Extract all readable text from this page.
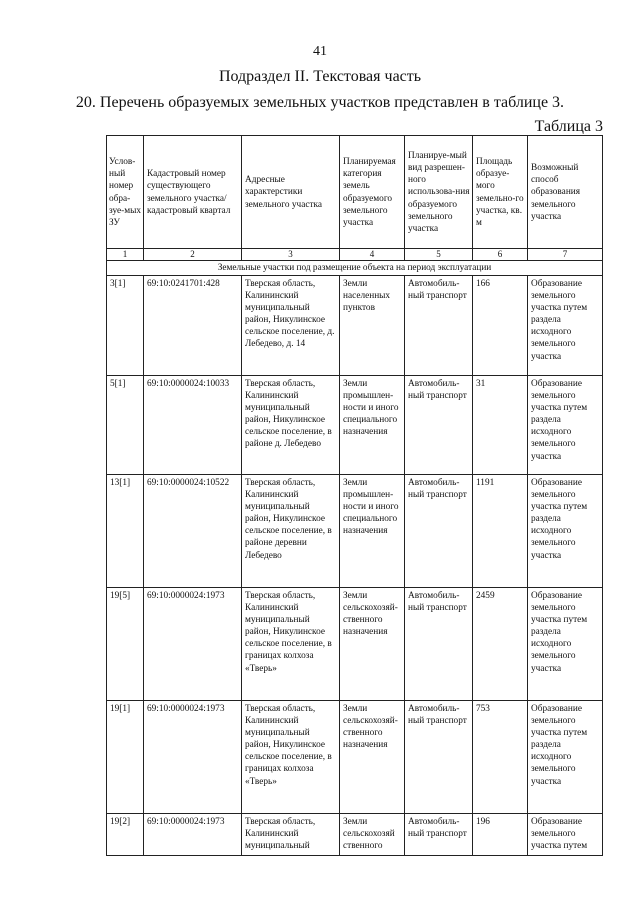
41
Подраздел II. Текстовая часть
20. Перечень образуемых земельных участков представлен в таблице 3.
Таблица 3
Услов-ный номер обра-зуе-мых ЗУ	Кадастровый номер существующего земельного участка/кадастровый квартал	Адресные характерстики земельного участка	Планируемая категория земель образуемого земельного участка	Планируе-мый вид разрешен-ного использова-ния образуемого земельного участка	Площадь образуе-мого земельно-го участка, кв. м	Возможный способ образования земельного участка
1	2	3	4	5	6	7
Земельные участки под размещение объекта на период эксплуатации						
3[1]	69:10:0241701:428	Тверская область, Калининский муниципальный район, Никулинское сельское поселение, д. Лебедево, д. 14	Земли населенных пунктов	Автомобиль-ный транспорт	166	Образование земельного участка путем раздела исходного земельного участка
5[1]	69:10:0000024:10033	Тверская область, Калининский муниципальный район, Никулинское сельское поселение, в районе д. Лебедево	Земли промышлен-ности и иного специального назначения	Автомобиль-ный транспорт	31	Образование земельного участка путем раздела исходного земельного участка
13[1]	69:10:0000024:10522	Тверская область, Калининский муниципальный район, Никулинское сельское поселение, в районе деревни Лебедево	Земли промышлен-ности и иного специального назначения	Автомобиль-ный транспорт	1191	Образование земельного участка путем раздела исходного земельного участка
19[5]	69:10:0000024:1973	Тверская область, Калининский муниципальный район, Никулинское сельское поселение, в границах колхоза «Тверь»	Земли сельскохозяй-ственного назначения	Автомобиль-ный транспорт	2459	Образование земельного участка путем раздела исходного земельного участка
19[1]	69:10:0000024:1973	Тверская область, Калининский муниципальный район, Никулинское сельское поселение, в границах колхоза «Тверь»	Земли сельскохозяй-ственного назначения	Автомобиль-ный транспорт	753	Образование земельного участка путем раздела исходного земельного участка
19[2]	69:10:0000024:1973	Тверская область, Калининский муниципальный	Земли сельскохозяй ственного	Автомобиль-ный транспорт	196	Образование земельного участка путем
